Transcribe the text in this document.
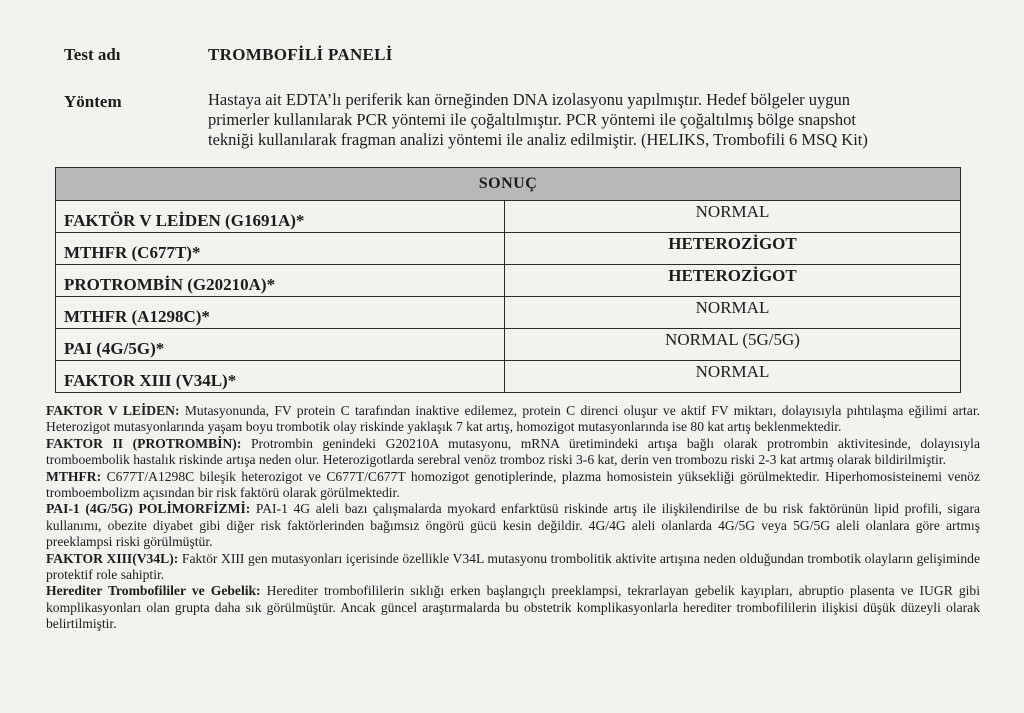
Test adı	TROMBOFİLİ PANELİ
Yöntem	Hastaya ait EDTA’lı periferik kan örneğinden DNA izolasyonu yapılmıştır. Hedef bölgeler uygun
primerler kullanılarak PCR yöntemi ile çoğaltılmıştır. PCR yöntemi ile çoğaltılmış bölge snapshot
tekniği kullanılarak fragman analizi yöntemi ile analiz edilmiştir. (HELIKS, Trombofili 6 MSQ Kit)
SONUÇ	
FAKTÖR V LEİDEN (G1691A)*	NORMAL
MTHFR (C677T)*	HETEROZİGOT
PROTROMBİN (G20210A)*	HETEROZİGOT
MTHFR (A1298C)*	NORMAL
PAI (4G/5G)*	NORMAL (5G/5G)
FAKTOR XIII (V34L)*	NORMAL

FAKTOR V LEİDEN: Mutasyonunda, FV protein C tarafından inaktive edilemez, protein C direnci oluşur ve aktif FV miktarı, dolayısıyla pıhtılaşma eğilimi artar. Heterozigot mutasyonlarında yaşam boyu trombotik olay riskinde yaklaşık 7 kat artış, homozigot mutasyonlarında ise 80 kat artış beklenmektedir.

FAKTOR II (PROTROMBİN): Protrombin genindeki G20210A mutasyonu, mRNA üretimindeki artışa bağlı olarak protrombin aktivitesinde, dolayısıyla tromboembolik hastalık riskinde artışa neden olur. Heterozigotlarda serebral venöz tromboz riski 3-6 kat, derin ven trombozu riski 2-3 kat artmış olarak bildirilmiştir.

MTHFR: C677T/A1298C bileşik heterozigot ve C677T/C677T homozigot genotiplerinde, plazma homosistein yüksekliği görülmektedir. Hiperhomosisteinemi venöz tromboembolizm açısından bir risk faktörü olarak görülmektedir.

PAI-1 (4G/5G) POLİMORFİZMİ: PAI-1 4G aleli bazı çalışmalarda myokard enfarktüsü riskinde artış ile ilişkilendirilse de bu risk faktörünün lipid profili, sigara kullanımı, obezite diyabet gibi diğer risk faktörlerinden bağımsız öngörü gücü kesin değildir. 4G/4G aleli olanlarda 4G/5G veya 5G/5G aleli olanlara göre artmış preeklampsi riski görülmüştür.

FAKTOR XIII(V34L): Faktör XIII gen mutasyonları içerisinde özellikle V34L mutasyonu trombolitik aktivite artışına neden olduğundan trombotik olayların gelişiminde protektif role sahiptir.

Herediter Trombofililer ve Gebelik: Herediter trombofililerin sıklığı erken başlangıçlı preeklampsi, tekrarlayan gebelik kayıpları, abruptio plasenta ve IUGR gibi komplikasyonları olan grupta daha sık görülmüştür. Ancak güncel araştırmalarda bu obstetrik komplikasyonlarla herediter trombofililerin ilişkisi düşük düzeyli olarak belirtilmiştir.
